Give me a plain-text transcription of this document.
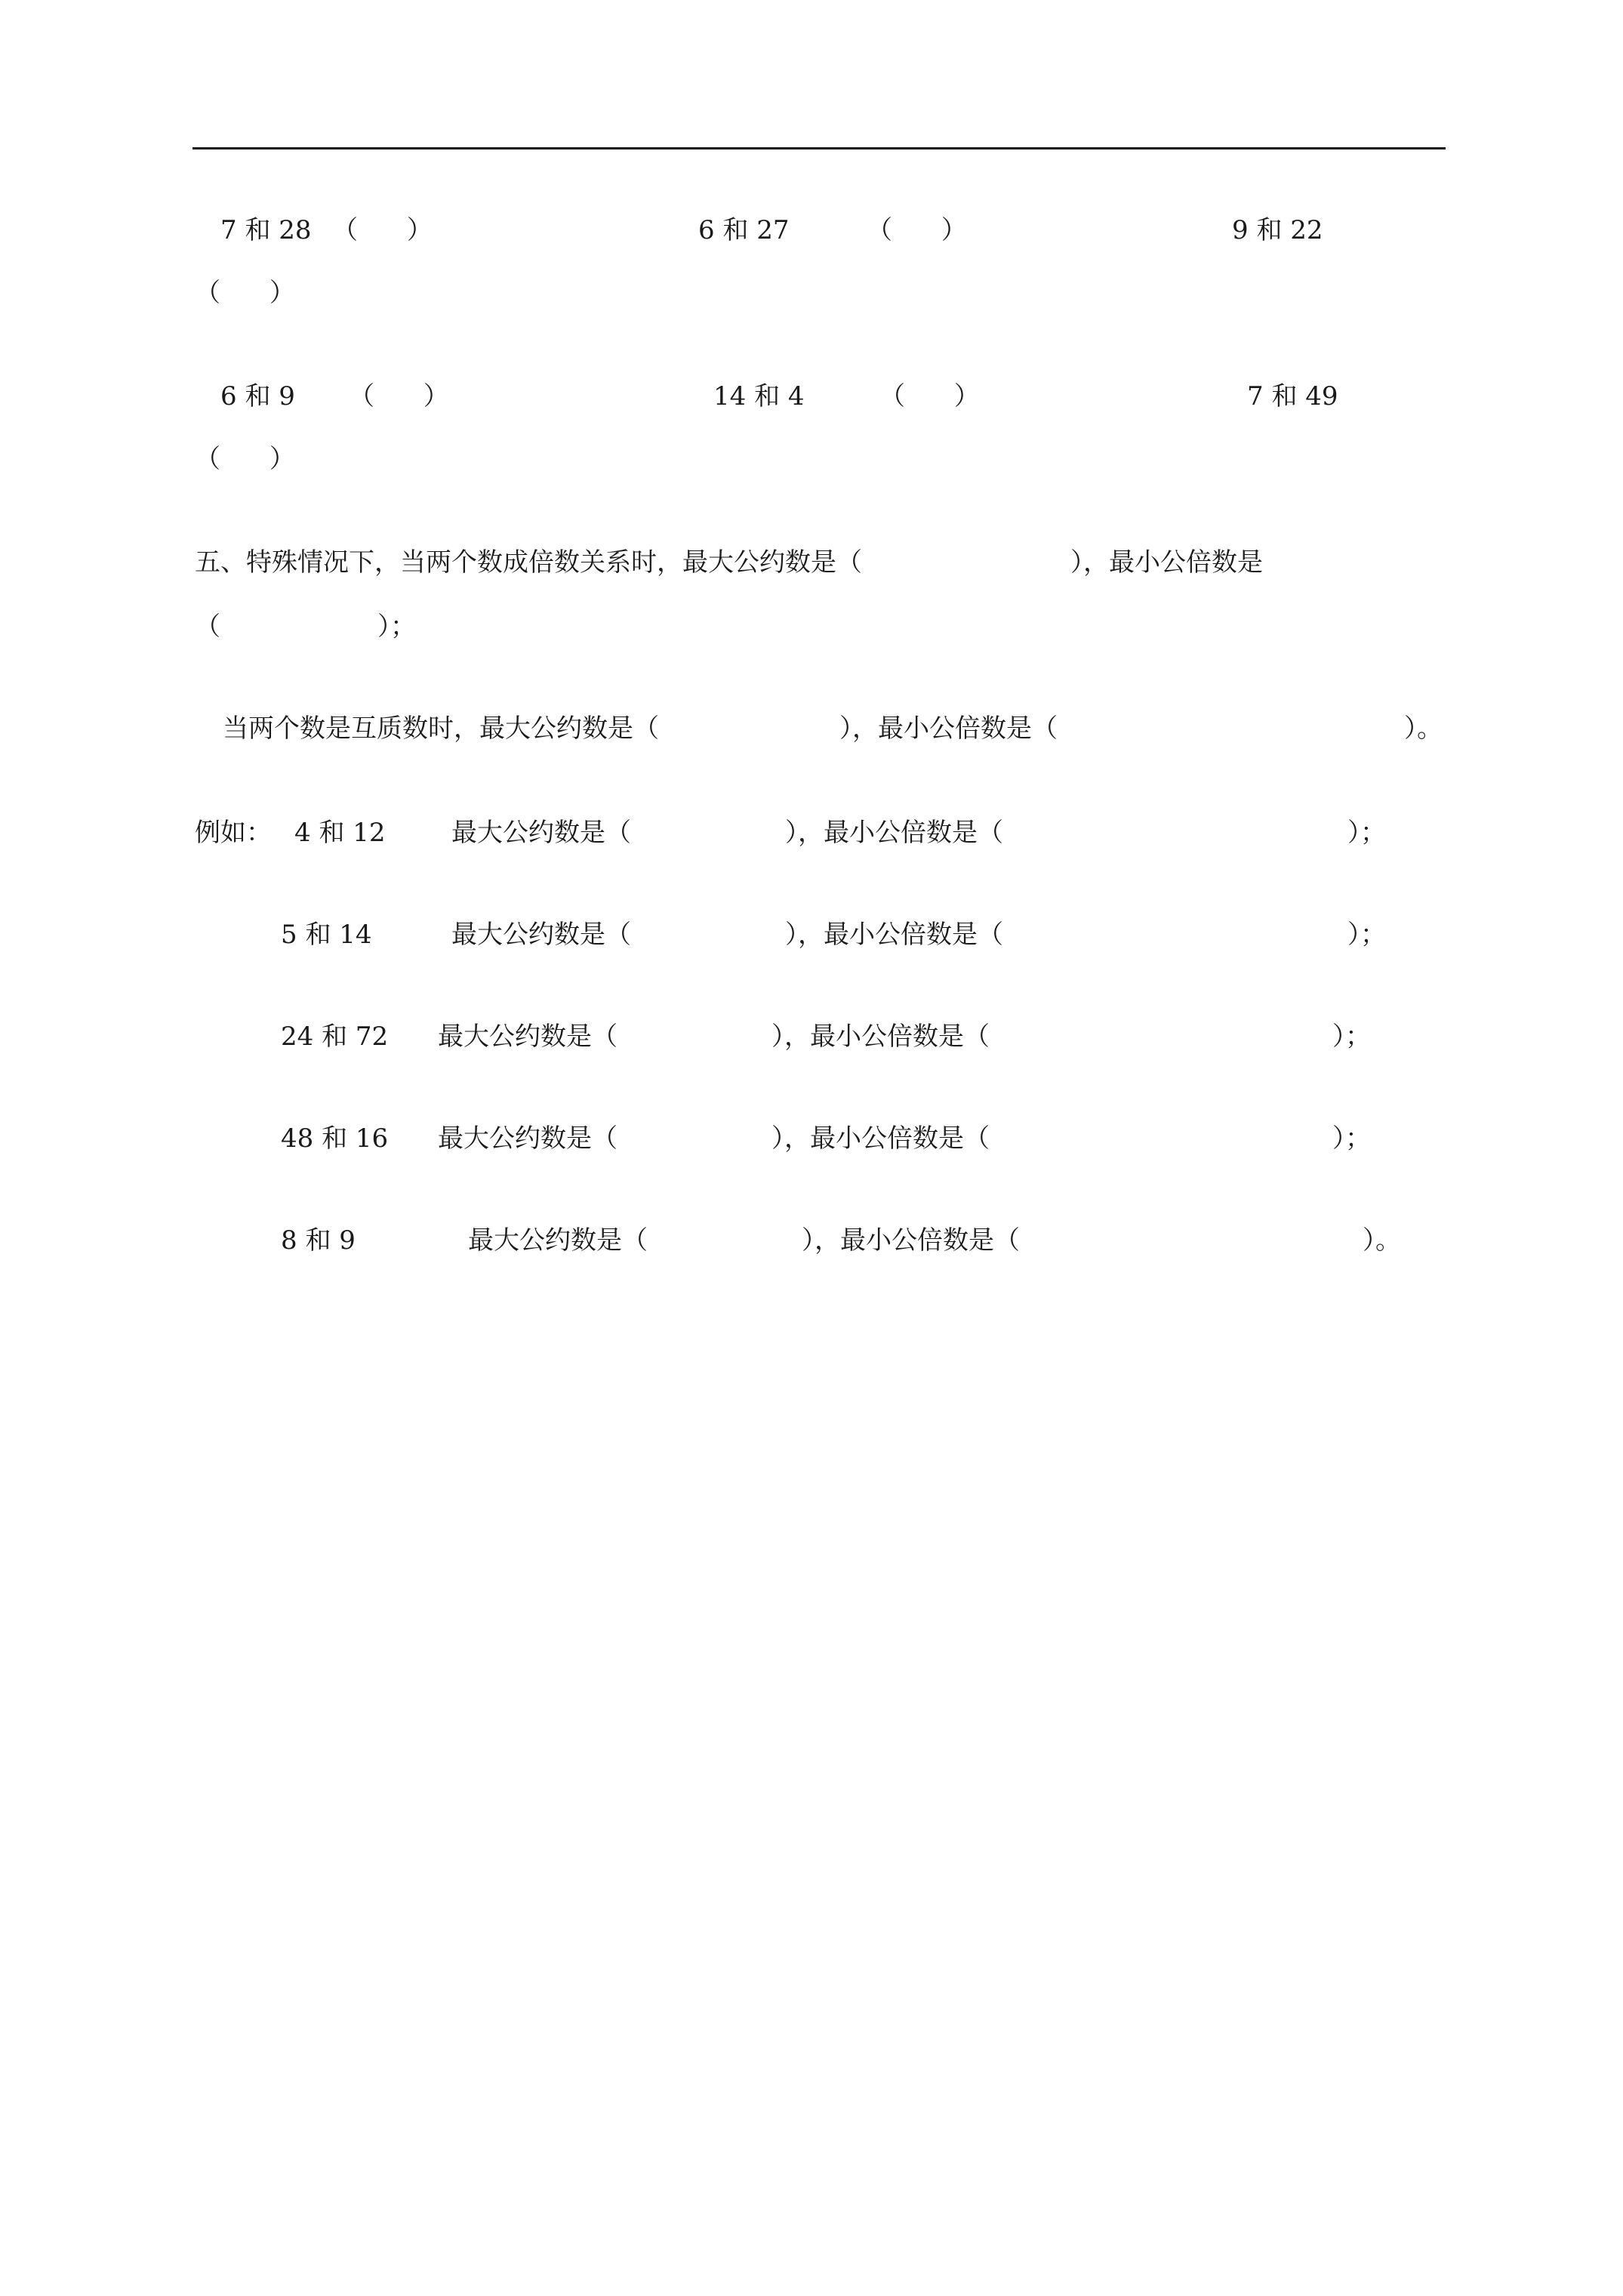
7 和 28 （      ）	6 和 27	（      ）	9 和 22
（      ）
6 和 9 （      ）	14 和 4	（      ）	7 和 49
（      ）
五、特殊情况下，当两个数成倍数关系时，最大公约数是（	），最小公倍数是
（	）；
当两个数是互质数时，最大公约数是（	），最小公倍数是（	）。
例如： 4 和 12	最大公约数是（	），最小公倍数是（	）；
5 和 14	最大公约数是（	），最小公倍数是（	）；
24 和 72 最大公约数是（	），最小公倍数是（	）；
48 和 16 最大公约数是（	），最小公倍数是（	）；
8 和 9	最大公约数是（	），最小公倍数是（	）。
